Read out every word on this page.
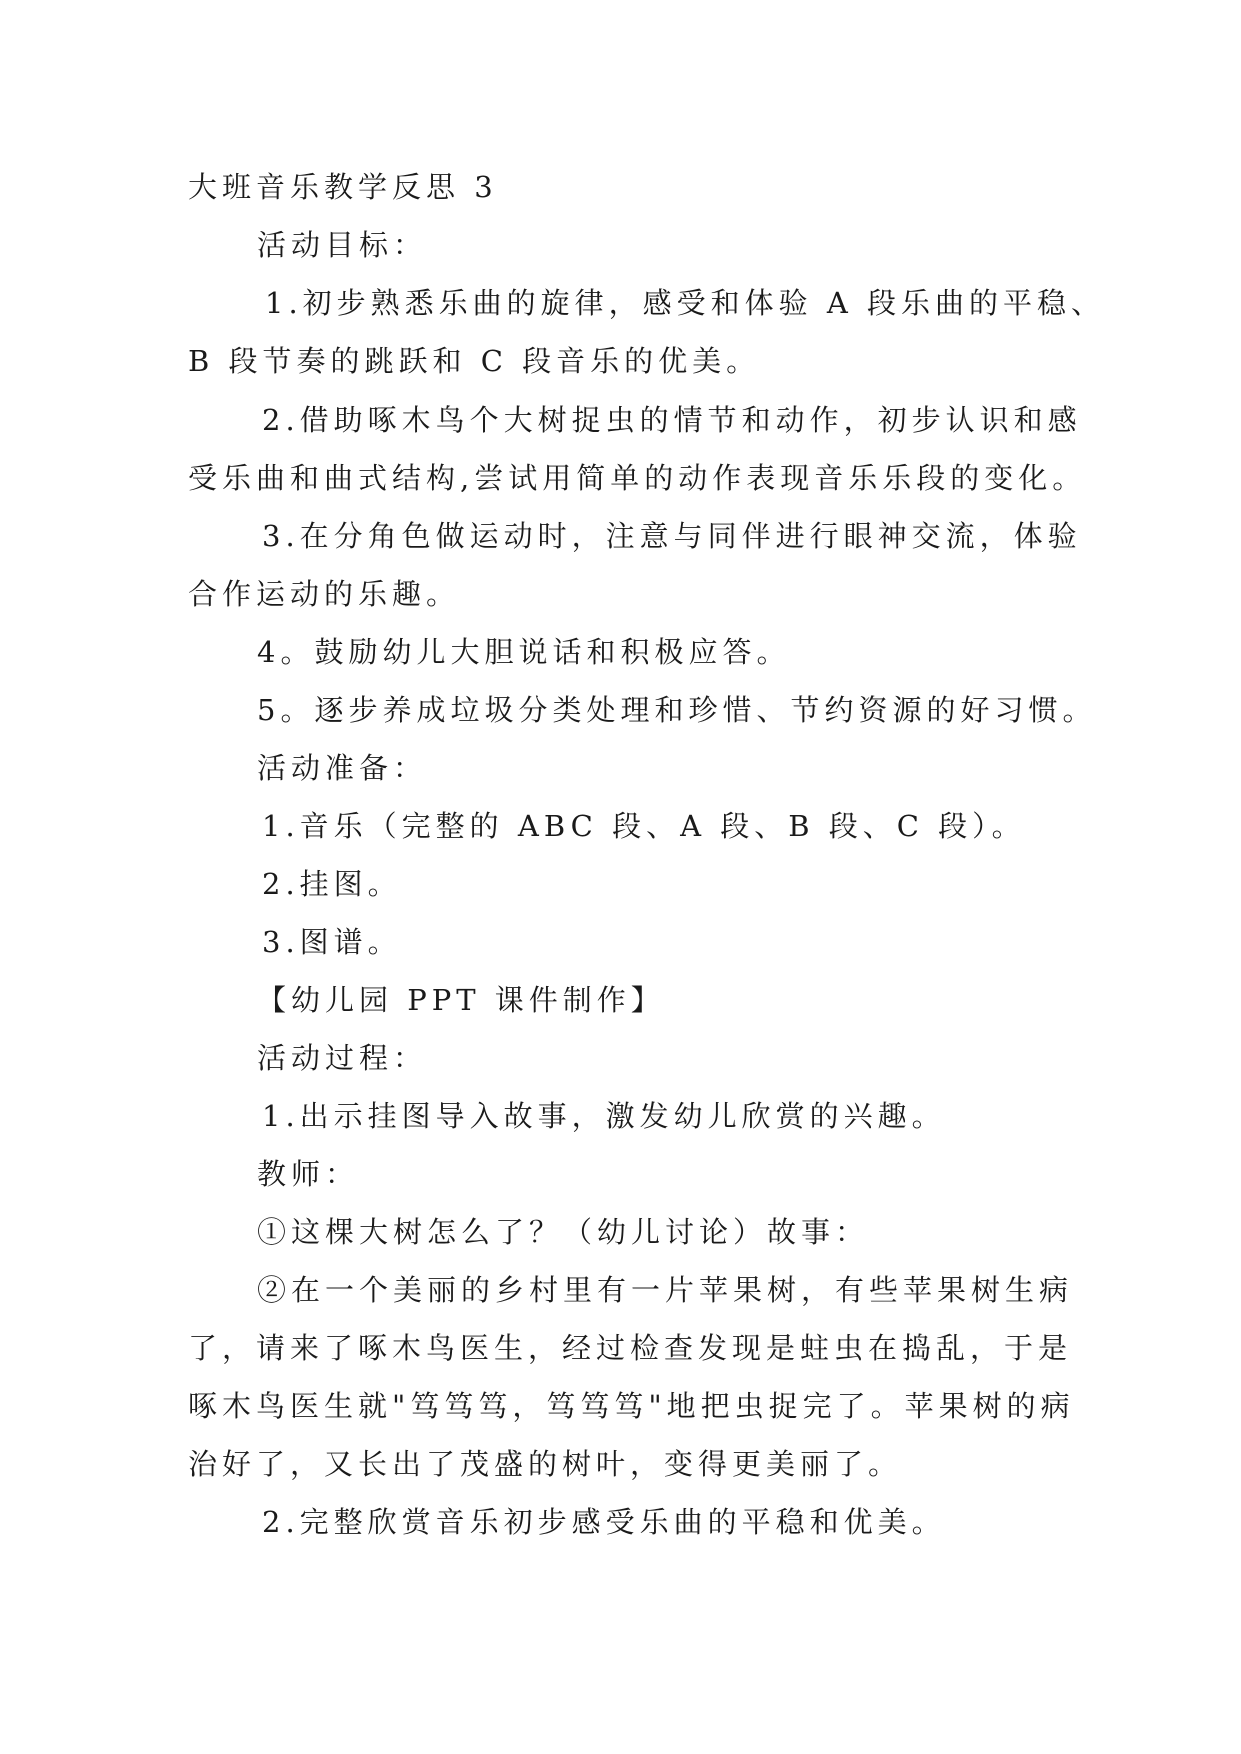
大班音乐教学反思 3
活动目标：
1.初步熟悉乐曲的旋律，感受和体验 A 段乐曲的平稳、
B 段节奏的跳跃和 C 段音乐的优美。
2.借助啄木鸟个大树捉虫的情节和动作，初步认识和感
受乐曲和曲式结构,尝试用简单的动作表现音乐乐段的变化。
3.在分角色做运动时，注意与同伴进行眼神交流，体验
合作运动的乐趣。
4。鼓励幼儿大胆说话和积极应答。
5。逐步养成垃圾分类处理和珍惜、节约资源的好习惯。
活动准备：
1.音乐（完整的 ABC 段、A 段、B 段、C 段）。
2.挂图。
3.图谱。
【幼儿园 PPT 课件制作】
活动过程：
1.出示挂图导入故事，激发幼儿欣赏的兴趣。
教师：
①这棵大树怎么了？（幼儿讨论）故事：
②在一个美丽的乡村里有一片苹果树，有些苹果树生病
了，请来了啄木鸟医生，经过检查发现是蛀虫在捣乱，于是
啄木鸟医生就"笃笃笃，笃笃笃"地把虫捉完了。苹果树的病
治好了，又长出了茂盛的树叶，变得更美丽了。
2.完整欣赏音乐初步感受乐曲的平稳和优美。
